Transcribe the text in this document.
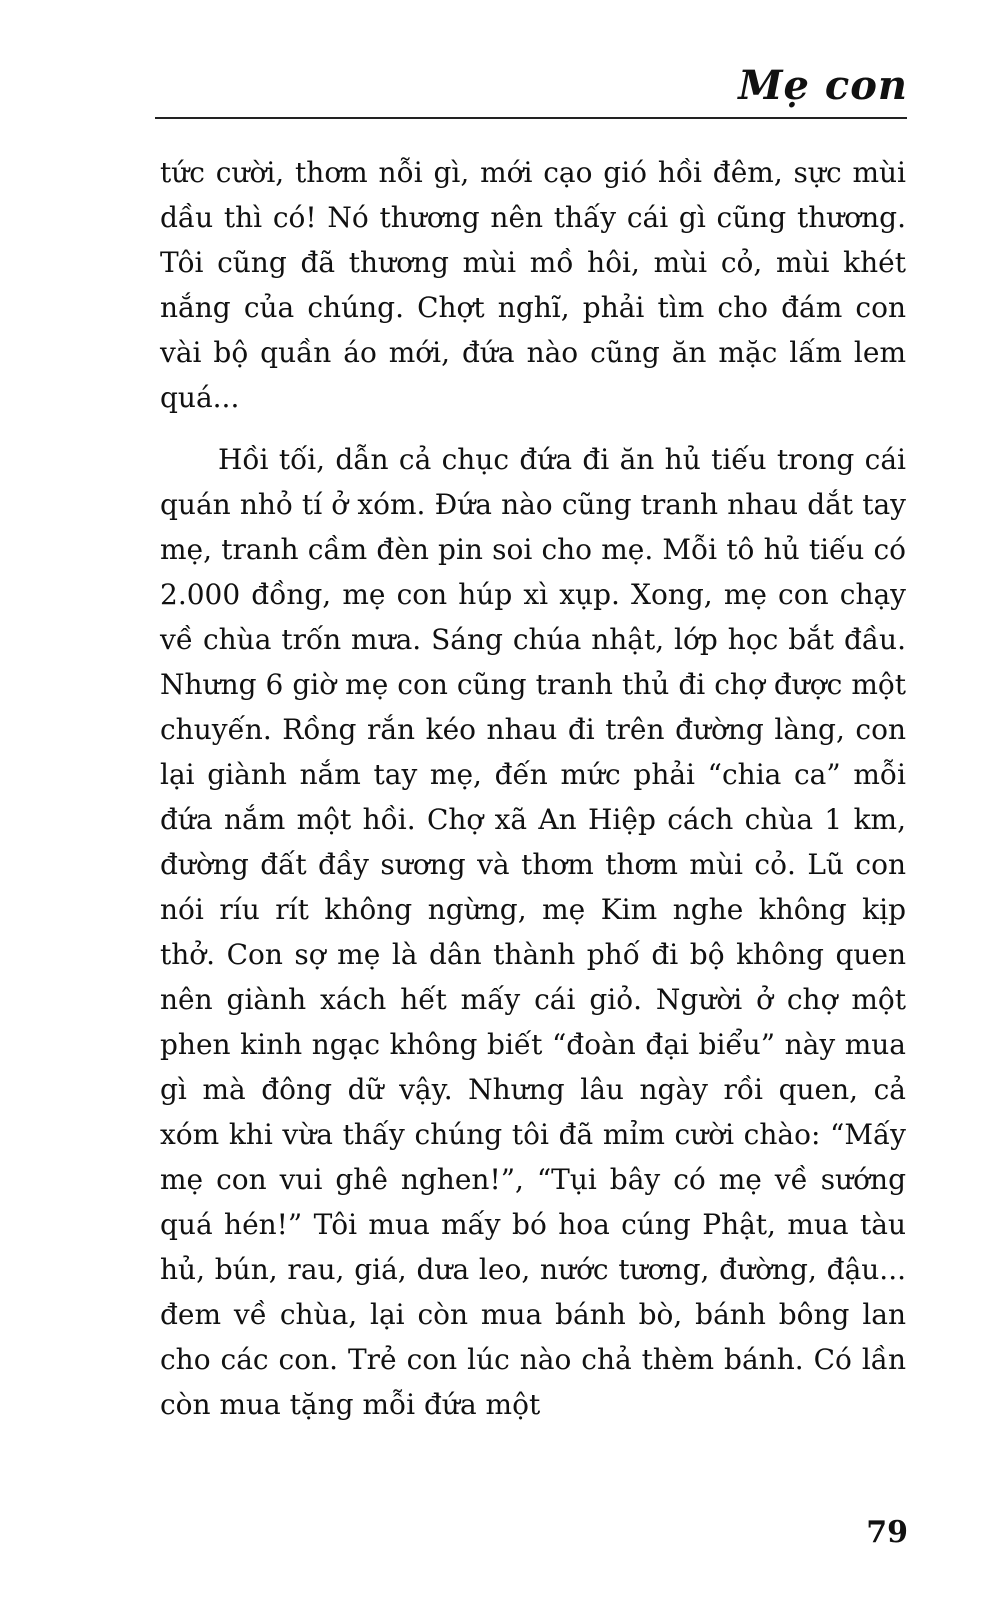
Mẹ con

tức cười, thơm nỗi gì, mới cạo gió hồi đêm, sực mùi dầu thì có! Nó thương nên thấy cái gì cũng thương. Tôi cũng đã thương mùi mồ hôi, mùi cỏ, mùi khét nắng của chúng. Chợt nghĩ, phải tìm cho đám con vài bộ quần áo mới, đứa nào cũng ăn mặc lấm lem quá...

Hồi tối, dẫn cả chục đứa đi ăn hủ tiếu trong cái quán nhỏ tí ở xóm. Đứa nào cũng tranh nhau dắt tay mẹ, tranh cầm đèn pin soi cho mẹ. Mỗi tô hủ tiếu có 2.000 đồng, mẹ con húp xì xụp. Xong, mẹ con chạy về chùa trốn mưa. Sáng chúa nhật, lớp học bắt đầu. Nhưng 6 giờ mẹ con cũng tranh thủ đi chợ được một chuyến. Rồng rắn kéo nhau đi trên đường làng, con lại giành nắm tay mẹ, đến mức phải “chia ca” mỗi đứa nắm một hồi. Chợ xã An Hiệp cách chùa 1 km, đường đất đầy sương và thơm thơm mùi cỏ. Lũ con nói ríu rít không ngừng, mẹ Kim nghe không kịp thở. Con sợ mẹ là dân thành phố đi bộ không quen nên giành xách hết mấy cái giỏ. Người ở chợ một phen kinh ngạc không biết “đoàn đại biểu” này mua gì mà đông dữ vậy. Nhưng lâu ngày rồi quen, cả xóm khi vừa thấy chúng tôi đã mỉm cười chào: “Mấy mẹ con vui ghê nghen!”, “Tụi bây có mẹ về sướng quá hén!” Tôi mua mấy bó hoa cúng Phật, mua tàu hủ, bún, rau, giá, dưa leo, nước tương, đường, đậu... đem về chùa, lại còn mua bánh bò, bánh bông lan cho các con. Trẻ con lúc nào chả thèm bánh. Có lần còn mua tặng mỗi đứa một

79
